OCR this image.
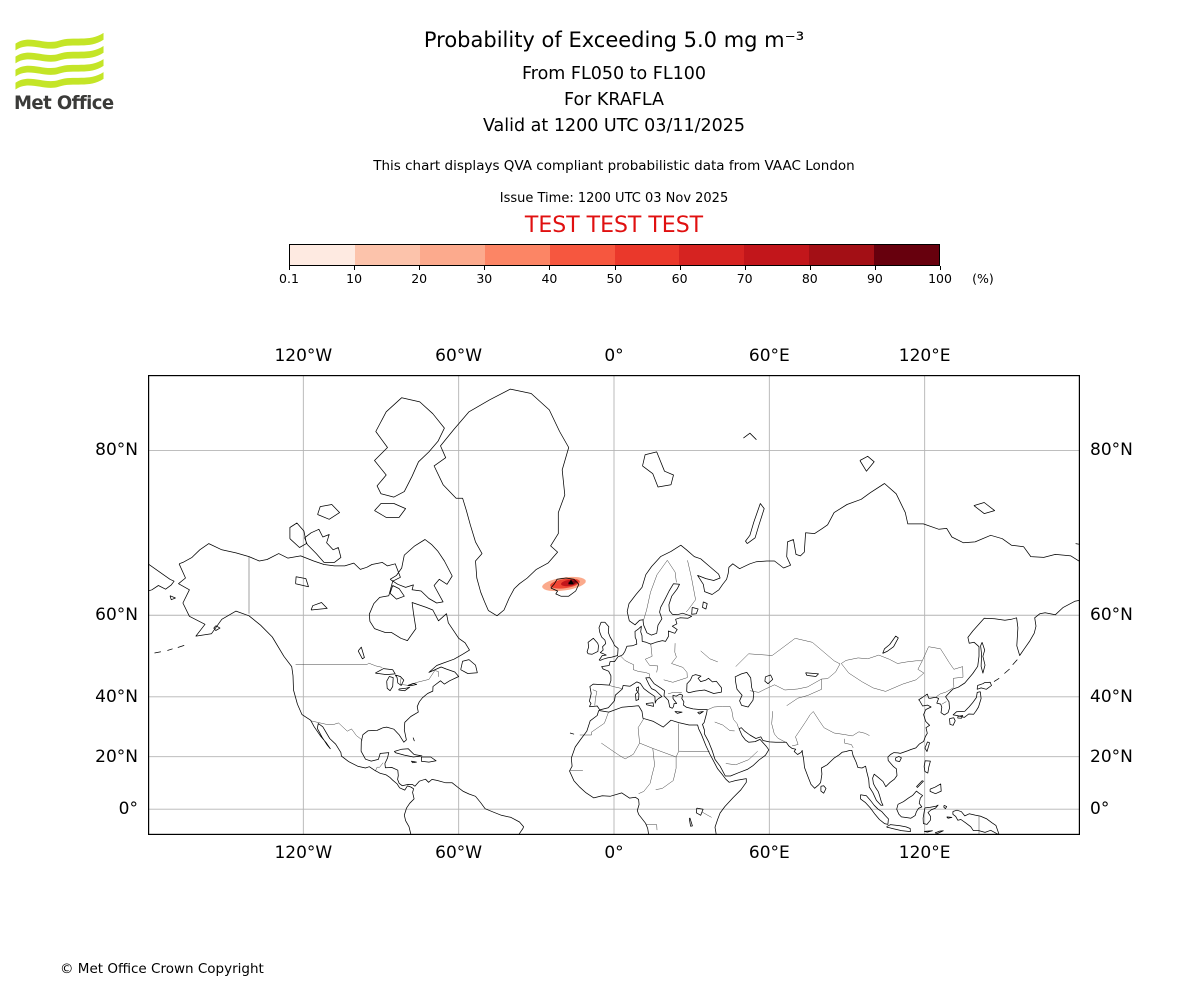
Met Office
Probability of Exceeding 5.0 mg m⁻³
From FL050 to FL100
For KRAFLA
Valid at 1200 UTC 03/11/2025
This chart displays QVA compliant probabilistic data from VAAC London
Issue Time: 1200 UTC 03 Nov 2025
TEST TEST TEST
0.1	10	20	30	40	50	60	70	80	90	100 (%)
120°W
120°W
60°W
60°W
0°
0°
60°E
60°E
120°E
120°E
80°N	80°N
60°N	60°N
40°N	40°N
20°N	20°N
0°	0°
© Met Office Crown Copyright
